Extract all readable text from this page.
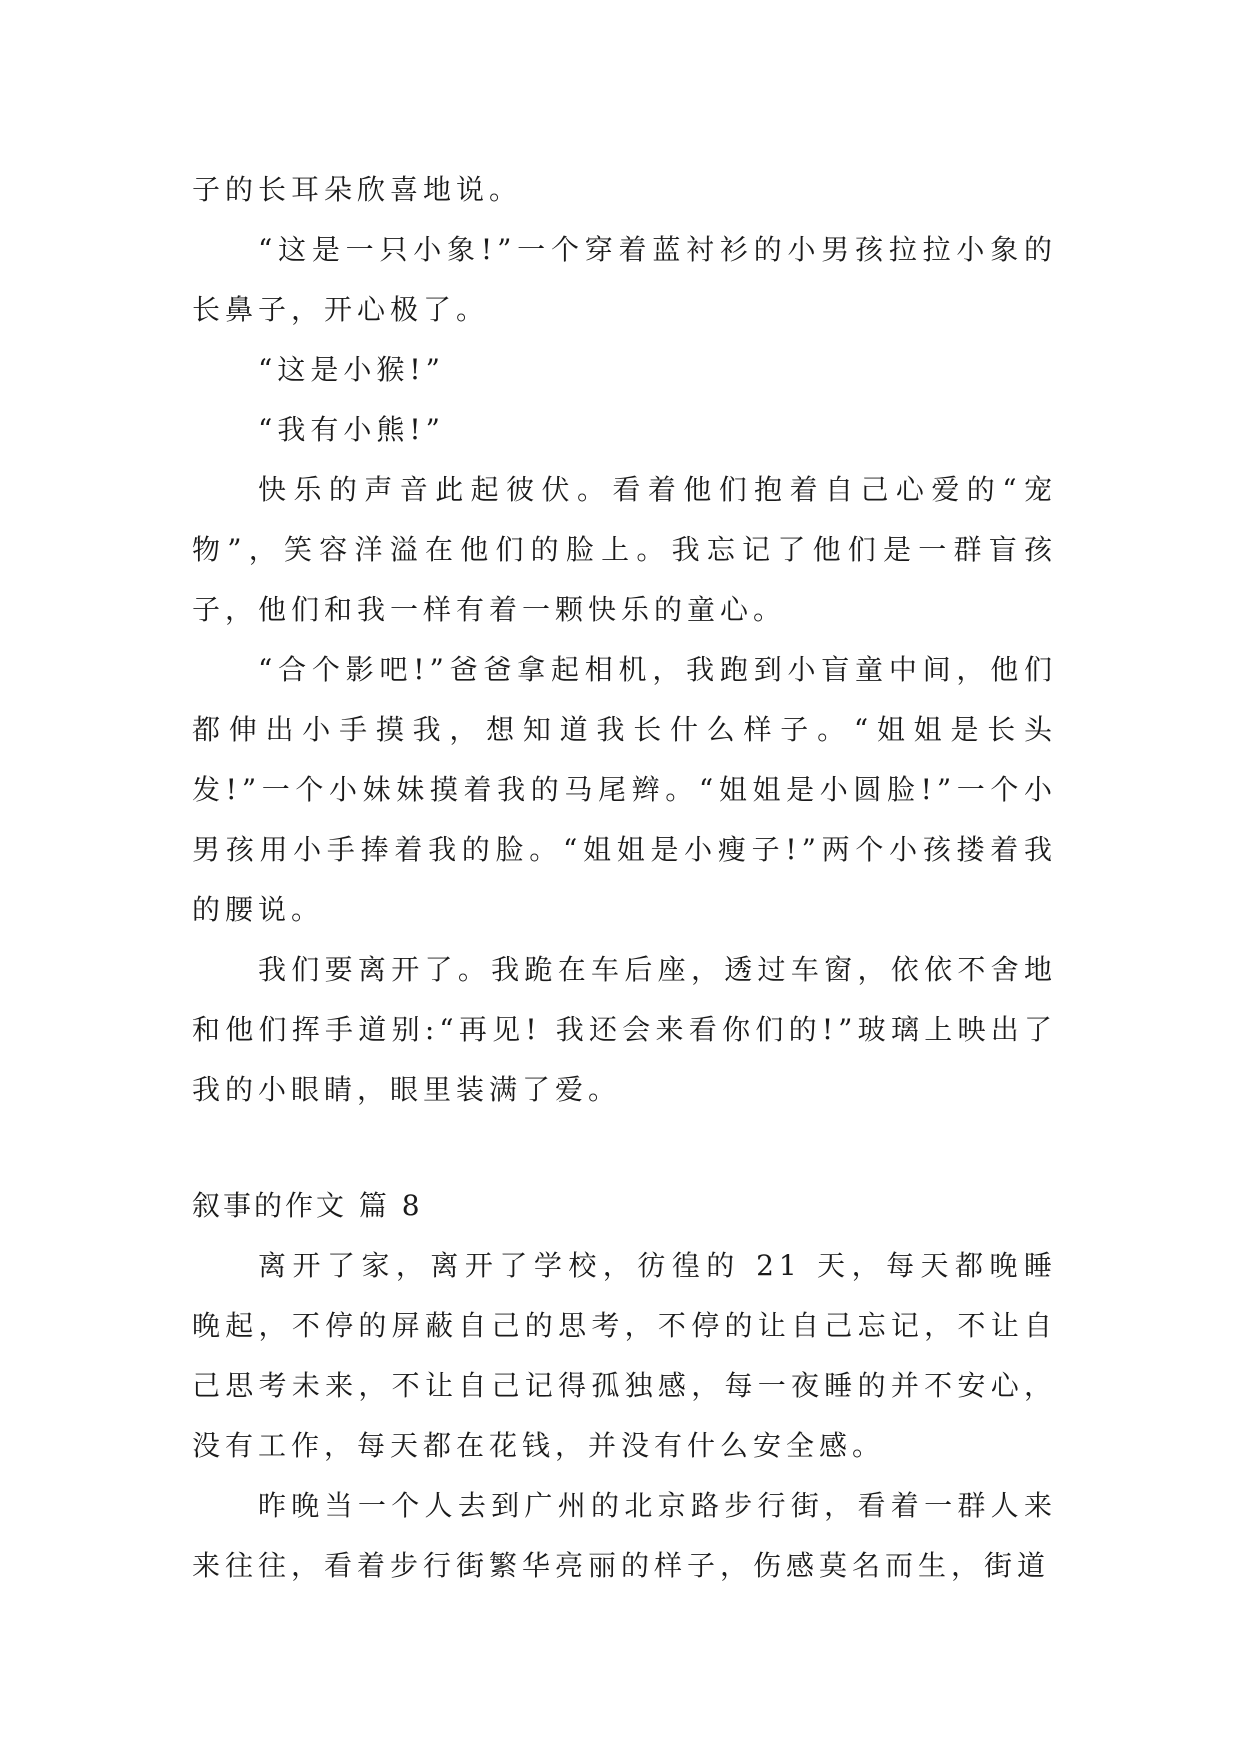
子的长耳朵欣喜地说。

“这是一只小象!”一个穿着蓝衬衫的小男孩拉拉小象的长鼻子，开心极了。

“这是小猴!”

“我有小熊!”

快乐的声音此起彼伏。看着他们抱着自己心爱的“宠物”，笑容洋溢在他们的脸上。我忘记了他们是一群盲孩子，他们和我一样有着一颗快乐的童心。

“合个影吧!”爸爸拿起相机，我跑到小盲童中间，他们都伸出小手摸我，想知道我长什么样子。“姐姐是长头发!”一个小妹妹摸着我的马尾辫。“姐姐是小圆脸!”一个小男孩用小手捧着我的脸。“姐姐是小瘦子!”两个小孩搂着我的腰说。

我们要离开了。我跪在车后座，透过车窗，依依不舍地和他们挥手道别:“再见! 我还会来看你们的!”玻璃上映出了我的小眼睛，眼里装满了爱。

叙事的作文 篇 8

离开了家，离开了学校，彷徨的 21 天，每天都晚睡晚起，不停的屏蔽自己的思考，不停的让自己忘记，不让自己思考未来，不让自己记得孤独感，每一夜睡的并不安心，没有工作，每天都在花钱，并没有什么安全感。

昨晚当一个人去到广州的北京路步行街，看着一群人来来往往，看着步行街繁华亮丽的样子，伤感莫名而生，街道
